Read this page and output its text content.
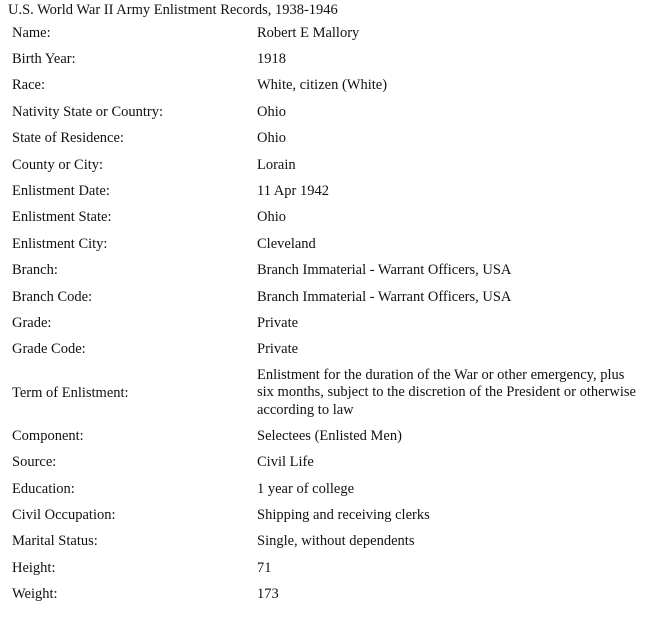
U.S. World War II Army Enlistment Records, 1938-1946
Name:	Robert E Mallory
Birth Year:	1918
Race:	White, citizen (White)
Nativity State or Country:	Ohio
State of Residence:	Ohio
County or City:	Lorain
Enlistment Date:	11 Apr 1942
Enlistment State:	Ohio
Enlistment City:	Cleveland
Branch:	Branch Immaterial - Warrant Officers, USA
Branch Code:	Branch Immaterial - Warrant Officers, USA
Grade:	Private
Grade Code:	Private
Term of Enlistment:	Enlistment for the duration of the War or other emergency, plus six months, subject to the discretion of the President or otherwise according to law
Component:	Selectees (Enlisted Men)
Source:	Civil Life
Education:	1 year of college
Civil Occupation:	Shipping and receiving clerks
Marital Status:	Single, without dependents
Height:	71
Weight:	173
